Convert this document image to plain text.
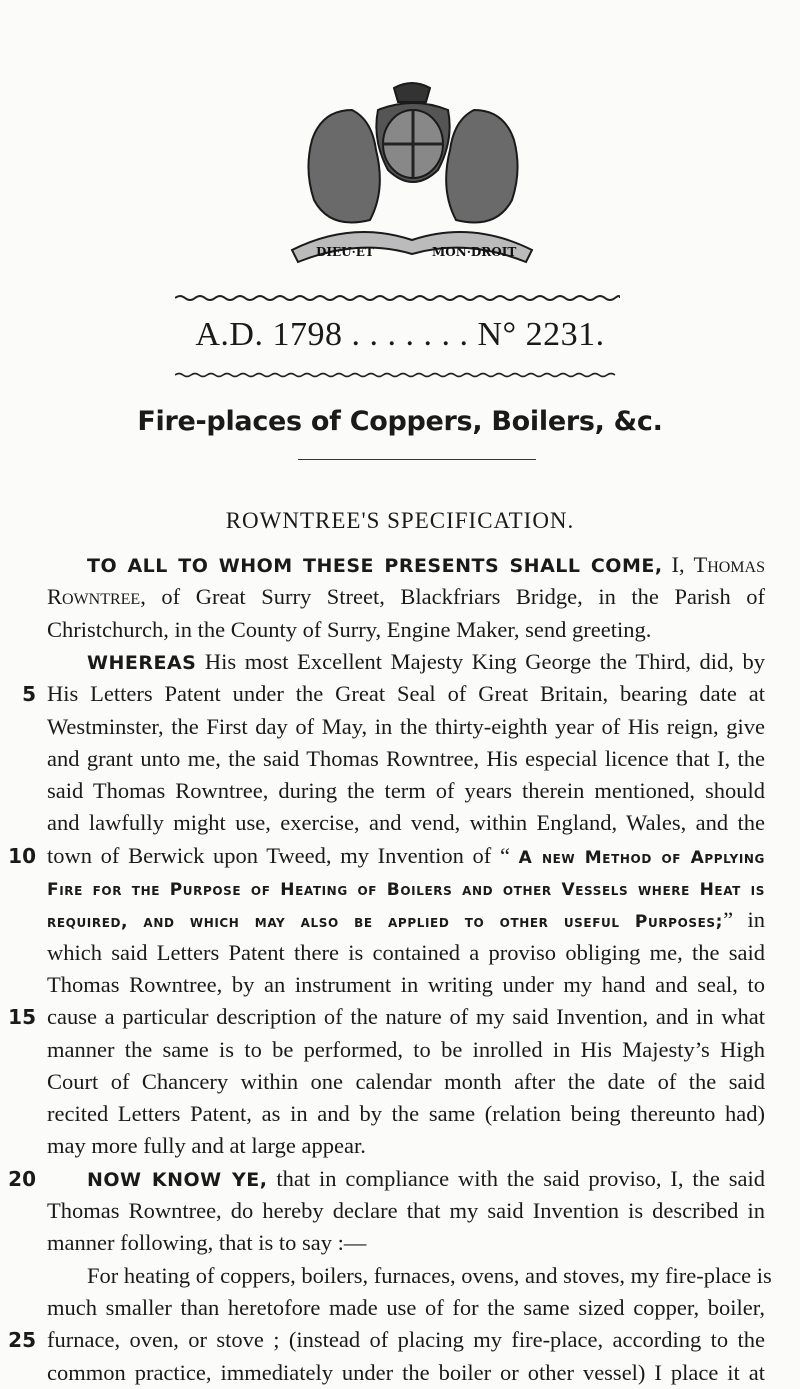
DIEU·ET	MON·DROIT
A.D. 1798 . . . . . . . N° 2231.
Fire-places of Coppers, Boilers, &c.
ROWNTREE'S SPECIFICATION.
TO ALL TO WHOM THESE PRESENTS SHALL COME, I, Thomas
Rowntree, of Great Surry Street, Blackfriars Bridge, in the Parish of
Christchurch, in the County of Surry, Engine Maker, send greeting.
WHEREAS His most Excellent Majesty King George the Third, did, by
5 His Letters Patent under the Great Seal of Great Britain, bearing date at
Westminster, the First day of May, in the thirty-eighth year of His reign, give
and grant unto me, the said Thomas Rowntree, His especial licence that I, the
said Thomas Rowntree, during the term of years therein mentioned, should
and lawfully might use, exercise, and vend, within England, Wales, and the
10 town of Berwick upon Tweed, my Invention of “ A new Method of Applying
Fire for the Purpose of Heating of Boilers and other Vessels where Heat is
required, and which may also be applied to other useful Purposes;” in
which said Letters Patent there is contained a proviso obliging me, the said
Thomas Rowntree, by an instrument in writing under my hand and seal, to
15 cause a particular description of the nature of my said Invention, and in what
manner the same is to be performed, to be inrolled in His Majesty’s High
Court of Chancery within one calendar month after the date of the said
recited Letters Patent, as in and by the same (relation being thereunto had)
may more fully and at large appear.
20	NOW KNOW YE, that in compliance with the said proviso, I, the said
Thomas Rowntree, do hereby declare that my said Invention is described in
manner following, that is to say :—
For heating of coppers, boilers, furnaces, ovens, and stoves, my fire-place is
much smaller than heretofore made use of for the same sized copper, boiler,
25 furnace, oven, or stove ; (instead of placing my fire-place, according to the
common practice, immediately under the boiler or other vessel) I place it at
